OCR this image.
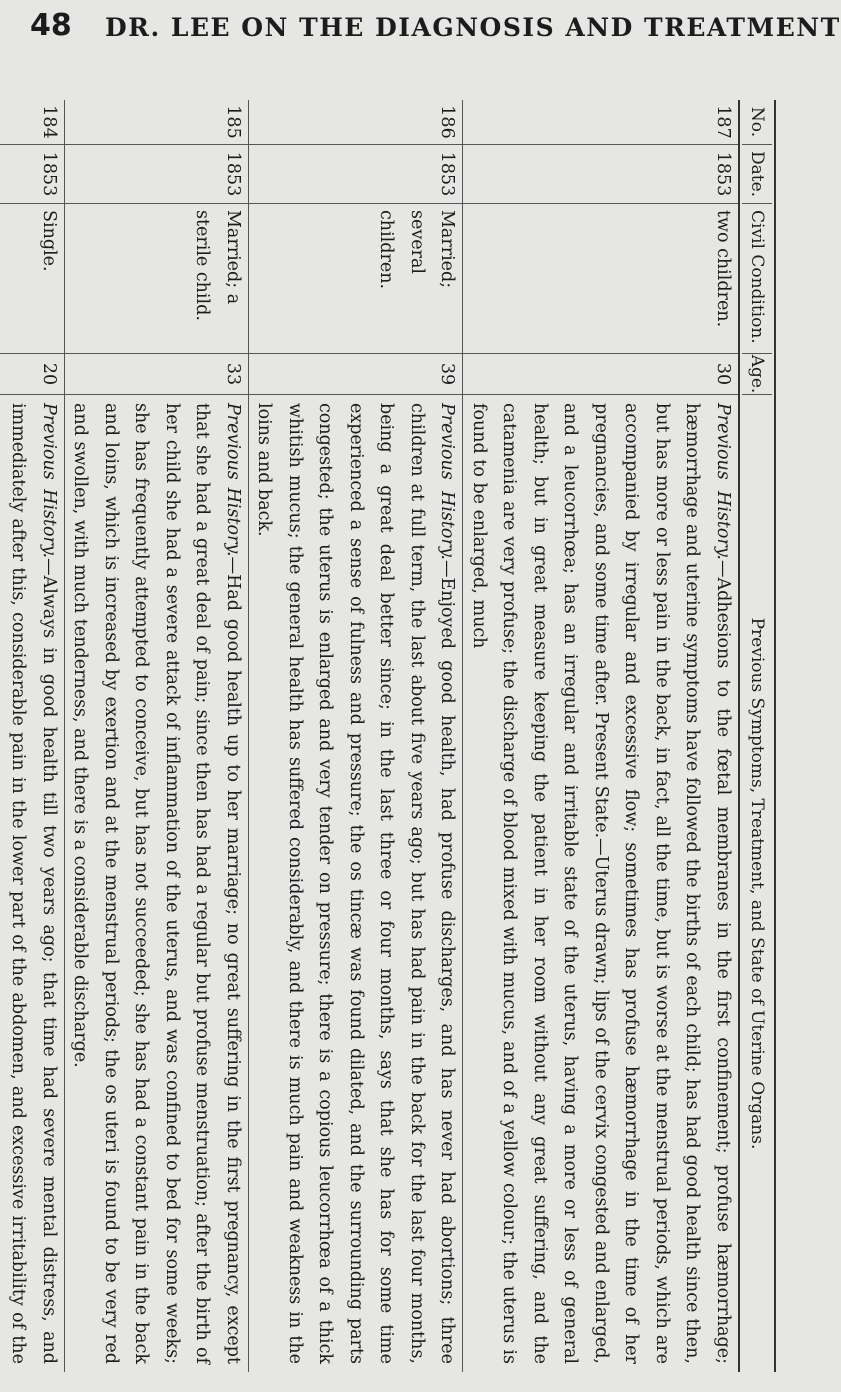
48 DR. LEE ON THE DIAGNOSIS AND TREATMENT
No.
Date.
Civil Condition.
Age.
Previous Symptoms, Treatment, and State of Uterine Organs.
187
1853
two children.
30
Previous History.—Adhesions to the fœtal membranes in the first confinement; profuse hæmorrhage; hæmorrhage and uterine symptoms have followed the births of each child; has had good health since then, but has more or less pain in the back, in fact, all the time, but is worse at the menstrual periods, which are accompanied by irregular and excessive flow; sometimes has profuse hæmorrhage in the time of her pregnancies, and some time after. Present State.—Uterus drawn; lips of the cervix congested and enlarged, and a leucorrhœa; has an irregular and irritable state of the uterus, having a more or less of general health; but in great measure keeping the patient in her room without any great suffering, and the catamenia are very profuse; the discharge of blood mixed with mucus, and of a yellow colour; the uterus is found to be enlarged, much
186
1853
Married; several children.
39
Previous History.—Enjoyed good health, had profuse discharges, and has never had abortions; three children at full term, the last about five years ago; but has had pain in the back for the last four months, being a great deal better since; in the last three or four months, says that she has for some time experienced a sense of fulness and pressure; the os tincæ was found dilated, and the surrounding parts congested; the uterus is enlarged and very tender on pressure; there is a copious leucorrhœa of a thick whitish mucus; the general health has suffered considerably, and there is much pain and weakness in the loins and back.
185
1853
Married; a sterile child.
33
Previous History.—Had good health up to her marriage; no great suffering in the first pregnancy, except that she had a great deal of pain; since then has had a regular but profuse menstruation; after the birth of her child she had a severe attack of inflammation of the uterus, and was confined to bed for some weeks; she has frequently attempted to conceive, but has not succeeded; she has had a constant pain in the back and loins, which is increased by exertion and at the menstrual periods; the os uteri is found to be very red and swollen, with much tenderness, and there is a considerable discharge.
184
1853
Single.
20
Previous History.—Always in good health till two years ago; that time had severe mental distress, and immediately after this, considerable pain in the lower part of the abdomen, and excessive irritability of the
